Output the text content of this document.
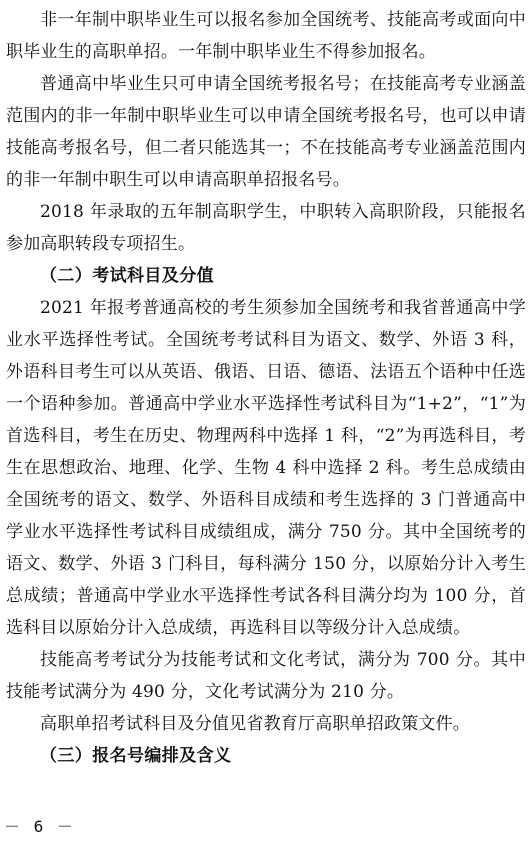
非一年制中职毕业生可以报名参加全国统考、技能高考或面向中职毕业生的高职单招。一年制中职毕业生不得参加报名。

普通高中毕业生只可申请全国统考报名号；在技能高考专业涵盖范围内的非一年制中职毕业生可以申请全国统考报名号，也可以申请技能高考报名号，但二者只能选其一；不在技能高考专业涵盖范围内的非一年制中职生可以申请高职单招报名号。

2018 年录取的五年制高职学生，中职转入高职阶段，只能报名参加高职转段专项招生。

（二）考试科目及分值

2021 年报考普通高校的考生须参加全国统考和我省普通高中学业水平选择性考试。全国统考考试科目为语文、数学、外语 3 科，外语科目考生可以从英语、俄语、日语、德语、法语五个语种中任选一个语种参加。普通高中学业水平选择性考试科目为“1+2”，“1”为首选科目，考生在历史、物理两科中选择 1 科，“2”为再选科目，考生在思想政治、地理、化学、生物 4 科中选择 2 科。考生总成绩由全国统考的语文、数学、外语科目成绩和考生选择的 3 门普通高中学业水平选择性考试科目成绩组成，满分 750 分。其中全国统考的语文、数学、外语 3 门科目，每科满分 150 分，以原始分计入考生总成绩；普通高中学业水平选择性考试各科目满分均为 100 分，首选科目以原始分计入总成绩，再选科目以等级分计入总成绩。

技能高考考试分为技能考试和文化考试，满分为 700 分。其中技能考试满分为 490 分，文化考试满分为 210 分。

高职单招考试科目及分值见省教育厅高职单招政策文件。

（三）报名号编排及含义

－ 6 －
